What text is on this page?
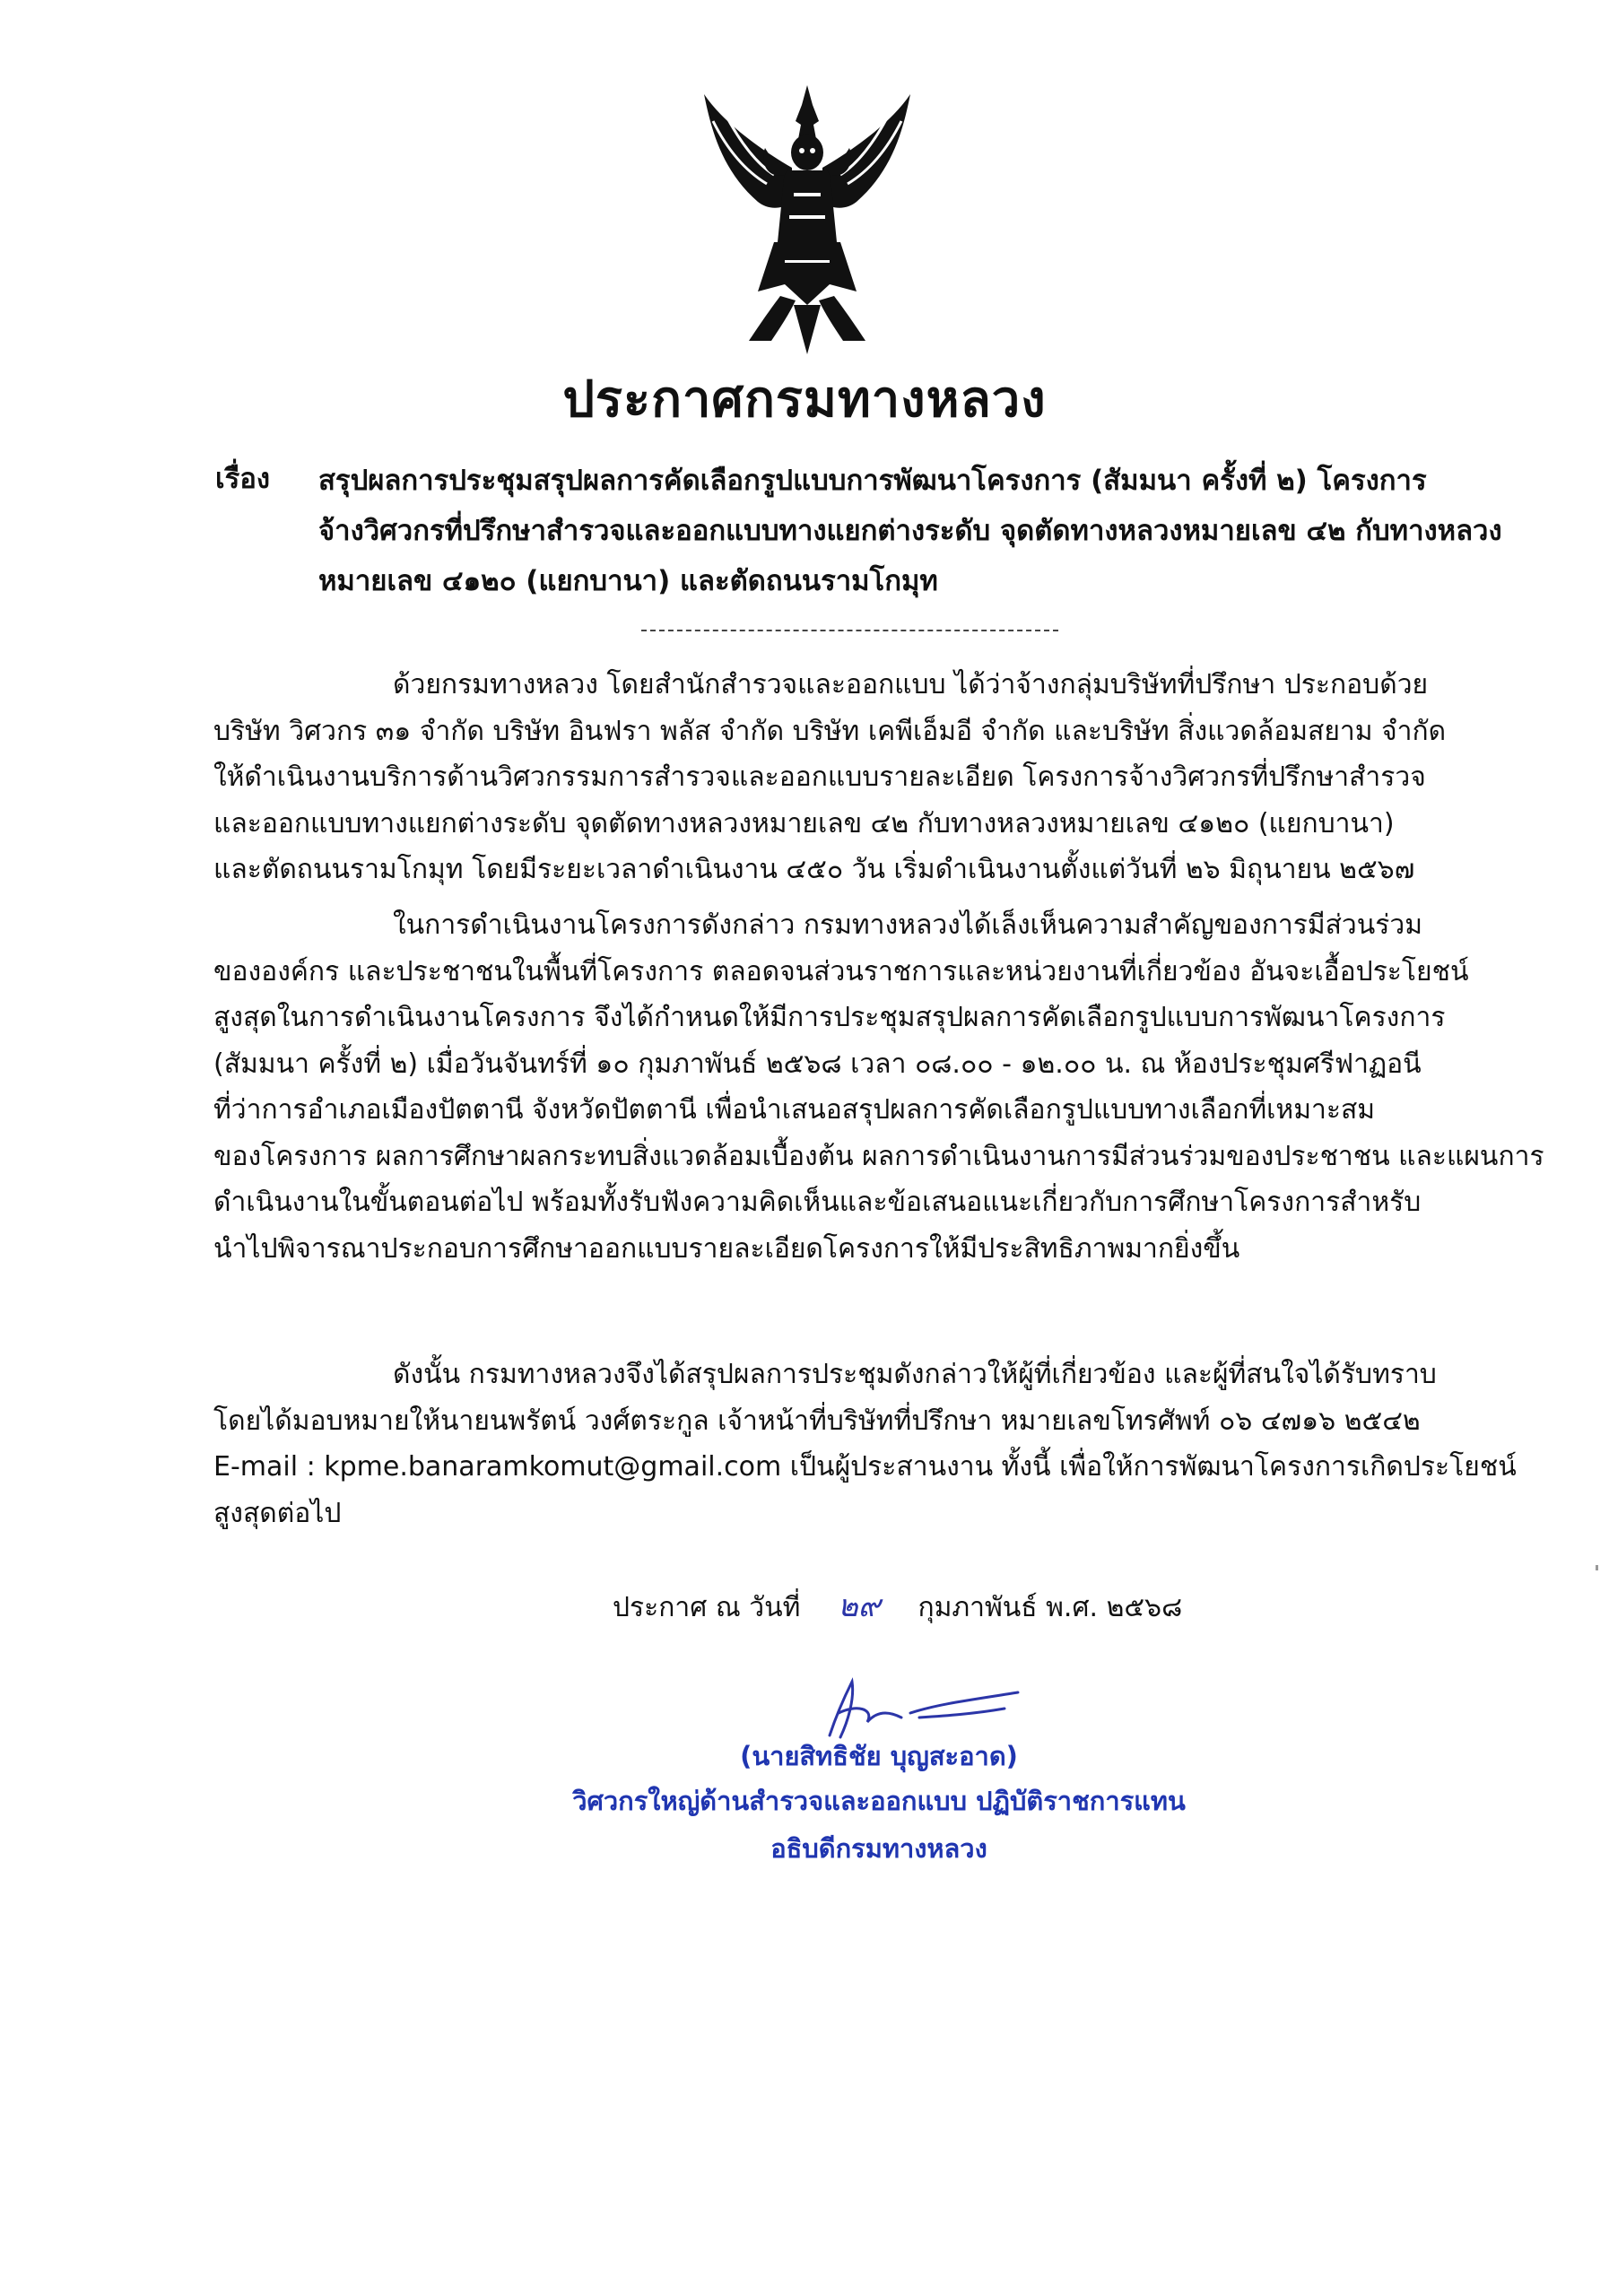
ประกาศกรมทางหลวง
เรื่อง สรุปผลการประชุมสรุปผลการคัดเลือกรูปแบบการพัฒนาโครงการ (สัมมนา ครั้งที่ ๒) โครงการ
จ้างวิศวกรที่ปรึกษาสำรวจและออกแบบทางแยกต่างระดับ จุดตัดทางหลวงหมายเลข ๔๒ กับทางหลวง
หมายเลข ๔๑๒๐ (แยกบานา) และตัดถนนรามโกมุท
ด้วยกรมทางหลวง โดยสำนักสำรวจและออกแบบ ได้ว่าจ้างกลุ่มบริษัทที่ปรึกษา ประกอบด้วย
บริษัท วิศวกร ๓๑ จำกัด บริษัท อินฟรา พลัส จำกัด บริษัท เคพีเอ็มอี จำกัด และบริษัท สิ่งแวดล้อมสยาม จำกัด
ให้ดำเนินงานบริการด้านวิศวกรรมการสำรวจและออกแบบรายละเอียด โครงการจ้างวิศวกรที่ปรึกษาสำรวจ
และออกแบบทางแยกต่างระดับ จุดตัดทางหลวงหมายเลข ๔๒ กับทางหลวงหมายเลข ๔๑๒๐ (แยกบานา)
และตัดถนนรามโกมุท โดยมีระยะเวลาดำเนินงาน ๔๕๐ วัน เริ่มดำเนินงานตั้งแต่วันที่ ๒๖ มิถุนายน ๒๕๖๗
ในการดำเนินงานโครงการดังกล่าว กรมทางหลวงได้เล็งเห็นความสำคัญของการมีส่วนร่วม
ขององค์กร และประชาชนในพื้นที่โครงการ ตลอดจนส่วนราชการและหน่วยงานที่เกี่ยวข้อง อันจะเอื้อประโยชน์
สูงสุดในการดำเนินงานโครงการ จึงได้กำหนดให้มีการประชุมสรุปผลการคัดเลือกรูปแบบการพัฒนาโครงการ
(สัมมนา ครั้งที่ ๒) เมื่อวันจันทร์ที่ ๑๐ กุมภาพันธ์ ๒๕๖๘ เวลา ๐๘.๐๐ - ๑๒.๐๐ น. ณ ห้องประชุมศรีฟาฏอนี
ที่ว่าการอำเภอเมืองปัตตานี จังหวัดปัตตานี เพื่อนำเสนอสรุปผลการคัดเลือกรูปแบบทางเลือกที่เหมาะสม
ของโครงการ ผลการศึกษาผลกระทบสิ่งแวดล้อมเบื้องต้น ผลการดำเนินงานการมีส่วนร่วมของประชาชน และแผนการ
ดำเนินงานในขั้นตอนต่อไป พร้อมทั้งรับฟังความคิดเห็นและข้อเสนอแนะเกี่ยวกับการศึกษาโครงการสำหรับ
นำไปพิจารณาประกอบการศึกษาออกแบบรายละเอียดโครงการให้มีประสิทธิภาพมากยิ่งขึ้น
ดังนั้น กรมทางหลวงจึงได้สรุปผลการประชุมดังกล่าวให้ผู้ที่เกี่ยวข้อง และผู้ที่สนใจได้รับทราบ
โดยได้มอบหมายให้นายนพรัตน์ วงศ์ตระกูล เจ้าหน้าที่บริษัทที่ปรึกษา หมายเลขโทรศัพท์ ๐๖ ๔๗๑๖ ๒๕๔๒
E-mail : kpme.banaramkomut@gmail.com เป็นผู้ประสานงาน ทั้งนี้ เพื่อให้การพัฒนาโครงการเกิดประโยชน์
สูงสุดต่อไป
ประกาศ ณ วันที่ ๒๙ กุมภาพันธ์ พ.ศ. ๒๕๖๘
(นายสิทธิชัย บุญสะอาด)
วิศวกรใหญ่ด้านสำรวจและออกแบบ ปฏิบัติราชการแทน
อธิบดีกรมทางหลวง
